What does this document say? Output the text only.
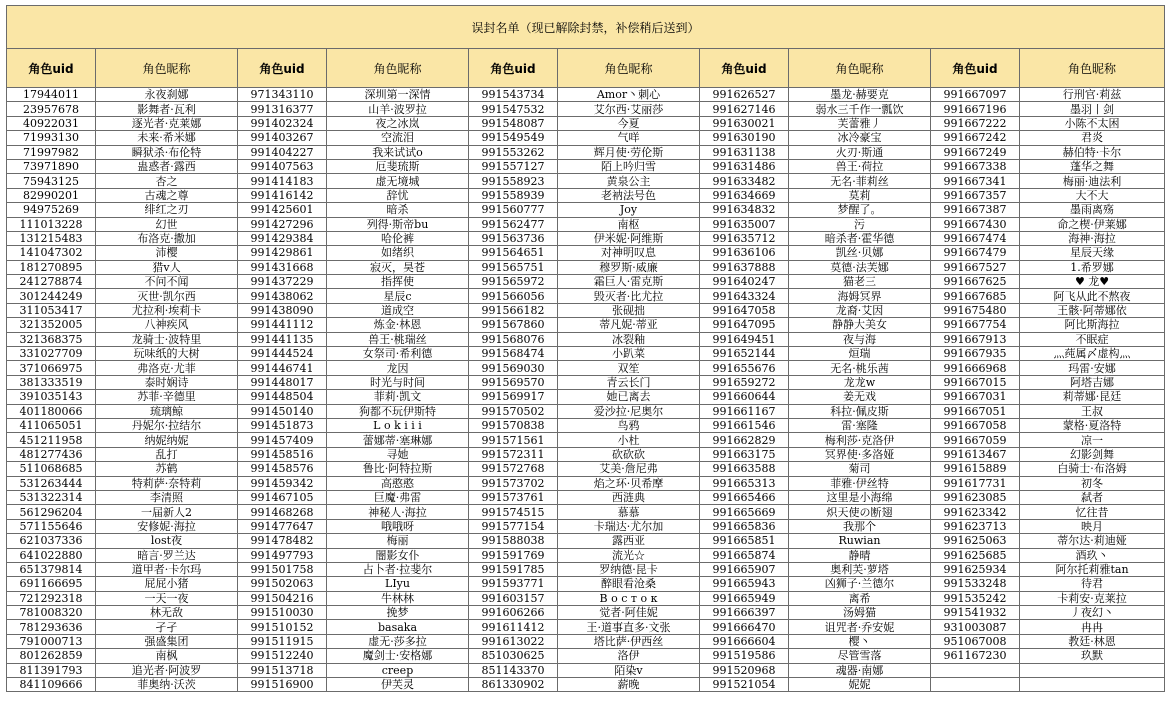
误封名单（现已解除封禁，补偿稍后送到）									
角色uid	角色昵称	角色uid	角色昵称	角色uid	角色昵称	角色uid	角色昵称	角色uid	角色昵称
17944011	永夜刹娜	971343110	深圳第一深情	991543734	Amor丶刺心	991626527	墨龙·赫要克	991667097	行刑官·莉兹
23957678	影舞者·瓦利	991316377	山羊·波罗拉	991547532	艾尔西·艾丽莎	991627146	弱水三千作一瓢饮	991667196	墨羽丨剑
40922031	逐光者·克莱娜	991402324	夜之冰岚	991548087	今夏	991630021	芙蕾雅丿	991667222	小陈不太困
71993130	未来·希米娜	991403267	空流泪	991549549	气咩	991630190	冰冷豪宝	991667242	君炎
71997982	瞬狱杀·布伦特	991404227	我来试试o	991553262	辉月使·劳伦斯	991631138	火刃·斯通	991667249	赫伯特·卡尔
73971890	蛊惑者·露西	991407563	厄斐琉斯	991557127	陌上吟归雪	991631486	兽王·荷拉	991667338	蓬华之舞
75943125	杏之	991414183	虚无境城	991558923	黄泉公主	991633482	无名·菲莉丝	991667341	梅丽·迪法利
82990201	古魂之尊	991416142	辞忧	991558939	老衲法号色	991634669	莫莉	991667357	大不大
94975269	绯红之刃	991425601	暗杀	991560777	Joy	991634832	梦醒了。	991667387	墨雨离殇
111013228	幻世	991427296	列得·斯帝bu	991562477	南枢	991635007	污	991667430	命之楔·伊莱娜
131215483	布洛克·撒加	991429384	哈伦裤	991563736	伊米妮·阿维斯	991635712	暗杀者·霍华德	991667474	海神·海拉
141047302	沛樱	991429861	如绪织	991564651	对神明叹息	991636106	凯丝·贝娜	991667479	星辰天缘
181270895	猎v人	991431668	寂灭，昊苍	991565751	穆罗斯·威廉	991637888	莫德·法芙娜	991667527	1.希罗娜
241278874	不问不闻	991437229	指挥使	991565972	霜巨人·雷克斯	991640247	猫老三	991667625	♥ 龙♥
301244249	灭世·凯尔西	991438062	星辰c	991566056	毁灭者·比尤拉	991643324	海姆冥界	991667685	阿飞从此不熬夜
311053417	尤拉利·埃莉卡	991438090	道成空	991566182	张砚拙	991647058	龙裔·艾因	991675480	王骸·阿蒂娜依
321352005	八神疾风	991441112	炼金·林恩	991567860	蒂凡妮·蒂亚	991647095	静静大美女	991667754	阿比斯海拉
321368375	龙骑士·波特里	991441135	兽王·桃瑞丝	991568076	冰裂釉	991649451	夜与海	991667913	不眠症
331027709	玩味纸的大树	991444524	女祭司·希利德	991568474	小趴菜	991652144	烜瑞	991667935	灬莼属〆虚构灬
371066975	弗洛克·尤菲	991446741	龙因	991569030	双笙	991655676	无名·桃乐茜	991666968	玛雷·安娜
381333519	泰时娴诗	991448017	时光与时间	991569570	青云长门	991659272	龙龙w	991667015	阿塔吉娜
391035143	苏菲·辛德里	991448504	菲莉·凯文	991569917	她已离去	991660644	姜无戏	991667031	莉蒂娜·昆廷
401180066	琉璃鲸	991450140	狗都不玩伊斯特	991570502	爱沙拉·尼奥尔	991661167	科拉·佩皮斯	991667051	王叔
411065051	丹妮尔·拉结尔	991451873	L o k i i i	991570838	鸟鸦	991661546	雷·塞隆	991667058	蒙格·夏洛特
451211958	纳妮纳妮	991457409	蕾娜蒂·塞琳娜	991571561	小杜	991662829	梅利莎·克洛伊	991667059	凉一
481277436	乱打	991458516	寻她	991572311	砍砍砍	991663175	冥界使·多洛娅	991613467	幻影剑舞
511068685	苏鹤	991458576	鲁比·阿特拉斯	991572768	艾美·詹尼弗	991663588	菊司	991615889	白骑士·布洛姆
531263444	特莉萨·奈特莉	991459342	高憨憨	991573702	焰之环·贝希摩	991665313	菲雅·伊丝特	991617731	初冬
531322314	李清照	991467105	巨魔·弗雷	991573761	西涟典	991665466	这里是小海绵	991623085	弑者
561296204	一届新人2	991468268	神秘人·海拉	991574515	慕慕	991665669	炽天使の断翅	991623342	忆往昔
571155646	安修妮·海拉	991477647	哦哦呀	991577154	卡瑞达·尤尔加	991665836	我那个	991623713	映月
621037336	lost夜	991478482	梅丽	991588038	露西亚	991665851	Ruwian	991625063	蒂尔达·莉迪娅
641022880	暗言·罗兰达	991497793	闇影女仆	991591769	流光☆	991665874	静晴	991625685	酒玖丶
651379814	道甲者·卡尔玛	991501758	占卜者·拉斐尔	991591785	罗纳德·昆卡	991665907	奥利芙·萝塔	991625934	阿尔托莉雅tan
691166695	屁屁小猪	991502063	LIyu	991593771	醉眼看沧桑	991665943	凶狮子·兰德尔	991533248	待君
721292318	一天一夜	991504216	牛林林	991603157	В о с т о к	991665949	离希	991535242	卡莉安·克莱拉
781008320	林无敌	991510030	挽梦	991606266	觉者·阿佳妮	991666397	汤姆猫	991541932	丿夜幻丶
781293636	孑孑	991510152	basaka	991611412	王·道事直多·文张	991666470	诅咒者·乔安妮	931003087	冉冉
791000713	强盛集团	991511915	虚无·莎多拉	991613022	塔比萨·伊西丝	991666604	樱丶	951067008	教廷·林恩
801262859	南枫	991512240	魔剑士·安格娜	851030625	洛伊	991519586	尽管雪落	961167230	玖默
811391793	追光者·阿波罗	991513718	creep	851143370	陌染v	991520968	魂器·南娜		
841109666	菲奥纳·沃茨	991516900	伊芙灵	861330902	薪晚	991521054	妮妮		
